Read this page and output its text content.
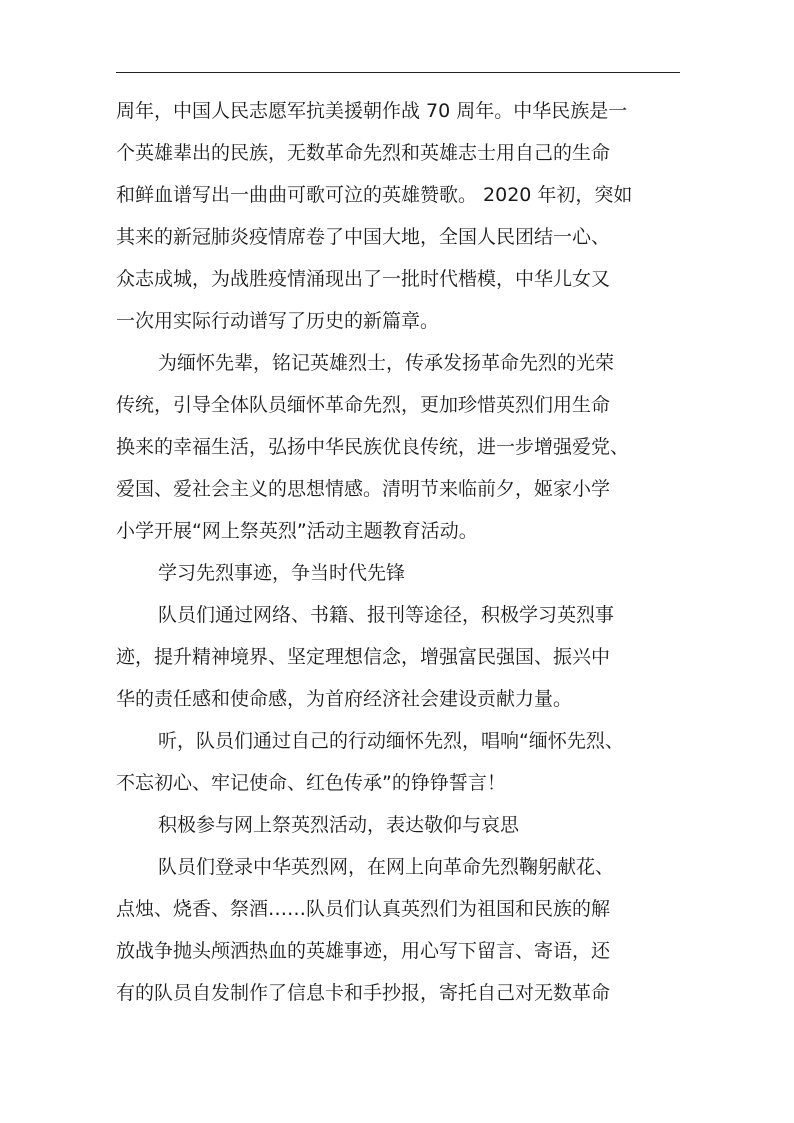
周年，中国人民志愿军抗美援朝作战 70 周年。中华民族是一
个英雄辈出的民族，无数革命先烈和英雄志士用自己的生命
和鲜血谱写出一曲曲可歌可泣的英雄赞歌。 2020 年初，突如
其来的新冠肺炎疫情席卷了中国大地，全国人民团结一心、
众志成城，为战胜疫情涌现出了一批时代楷模，中华儿女又
一次用实际行动谱写了历史的新篇章。
为缅怀先辈，铭记英雄烈士，传承发扬革命先烈的光荣
传统，引导全体队员缅怀革命先烈，更加珍惜英烈们用生命
换来的幸福生活，弘扬中华民族优良传统，进一步增强爱党、
爱国、爱社会主义的思想情感。清明节来临前夕，姬家小学
小学开展“网上祭英烈”活动主题教育活动。
学习先烈事迹，争当时代先锋
队员们通过网络、书籍、报刊等途径，积极学习英烈事
迹，提升精神境界、坚定理想信念，增强富民强国、振兴中
华的责任感和使命感，为首府经济社会建设贡献力量。
听，队员们通过自己的行动缅怀先烈，唱响“缅怀先烈、
不忘初心、牢记使命、红色传承”的铮铮誓言！
积极参与网上祭英烈活动，表达敬仰与哀思
队员们登录中华英烈网，在网上向革命先烈鞠躬献花、
点烛、烧香、祭酒……队员们认真英烈们为祖国和民族的解
放战争抛头颅洒热血的英雄事迹，用心写下留言、寄语，还
有的队员自发制作了信息卡和手抄报，寄托自己对无数革命
